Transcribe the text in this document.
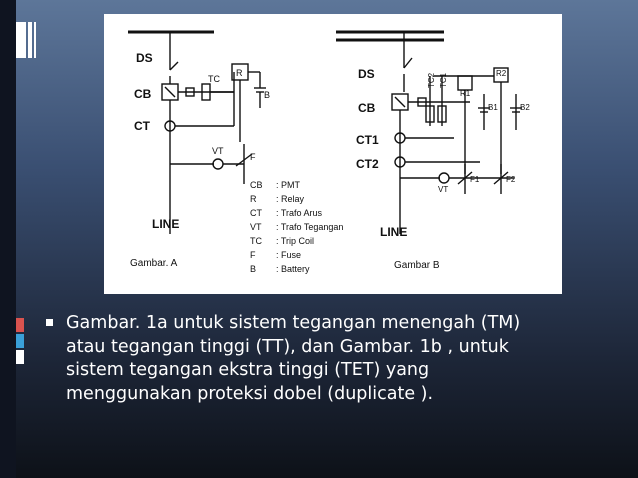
DS
CB
CT
LINE
TC
R
B
VT
F
Gambar. A
DS
CB
CT1
CT2
LINE
TC2 TC1
R1
R2
B1	B2
VT
F1	F2
Gambar B
CB : PMT
R : Relay
CT : Trafo Arus
VT : Trafo Tegangan
TC : Trip Coil
F : Fuse
B : Battery
Gambar. 1a untuk sistem tegangan menengah (TM)
atau tegangan tinggi (TT), dan Gambar. 1b , untuk
sistem tegangan ekstra tinggi (TET) yang
menggunakan proteksi dobel (duplicate ).
